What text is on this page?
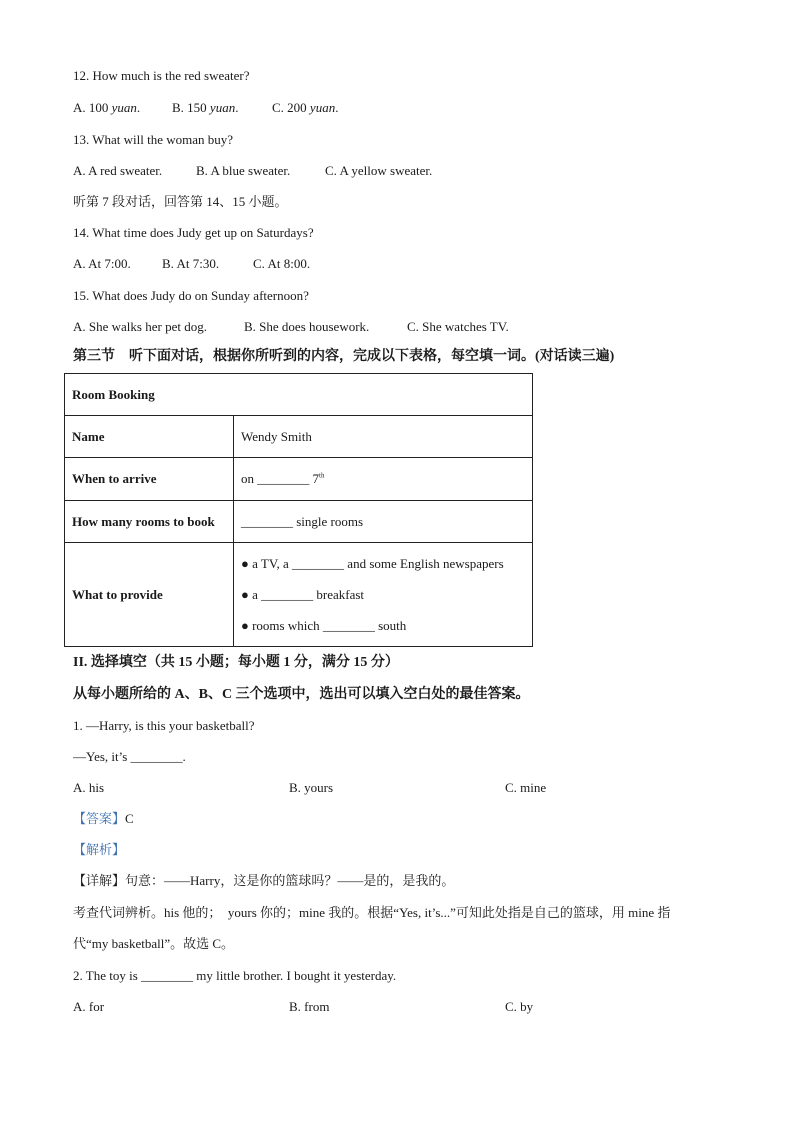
12. How much is the red sweater?
A. 100 yuan. B. 150 yuan.	C. 200 yuan.
13. What will the woman buy?
A. A red sweater.	B. A blue sweater.	C. A yellow sweater.
听第 7 段对话，回答第 14、15 小题。
14. What time does Judy get up on Saturdays?
A. At 7:00. B. At 7:30.	C. At 8:00.
15. What does Judy do on Sunday afternoon?
A. She walks her pet dog.	B. She does housework.	C. She watches TV.
第三节　听下面对话，根据你所听到的内容，完成以下表格，每空填一词。(对话读三遍)
Room Booking	
Name	Wendy Smith
When to arrive	on ________ 7th
How many rooms to book	________ single rooms
What to provide	● a TV, a ________ and some English newspapers
● a ________ breakfast
● rooms which ________ south
II. 选择填空（共 15 小题；每小题 1 分，满分 15 分）
从每小题所给的 A、B、C 三个选项中，选出可以填入空白处的最佳答案。
1. —Harry, is this your basketball?
—Yes, it’s ________.
A. his	B. yours	C. mine
【答案】C
【解析】
【详解】句意：——Harry，这是你的篮球吗？——是的，是我的。
考查代词辨析。his 他的；　yours 你的；mine 我的。根据“Yes, it’s...”可知此处指是自己的篮球，用 mine 指
代“my basketball”。故选 C。
2. The toy is ________ my little brother. I bought it yesterday.
A. for	B. from	C. by
